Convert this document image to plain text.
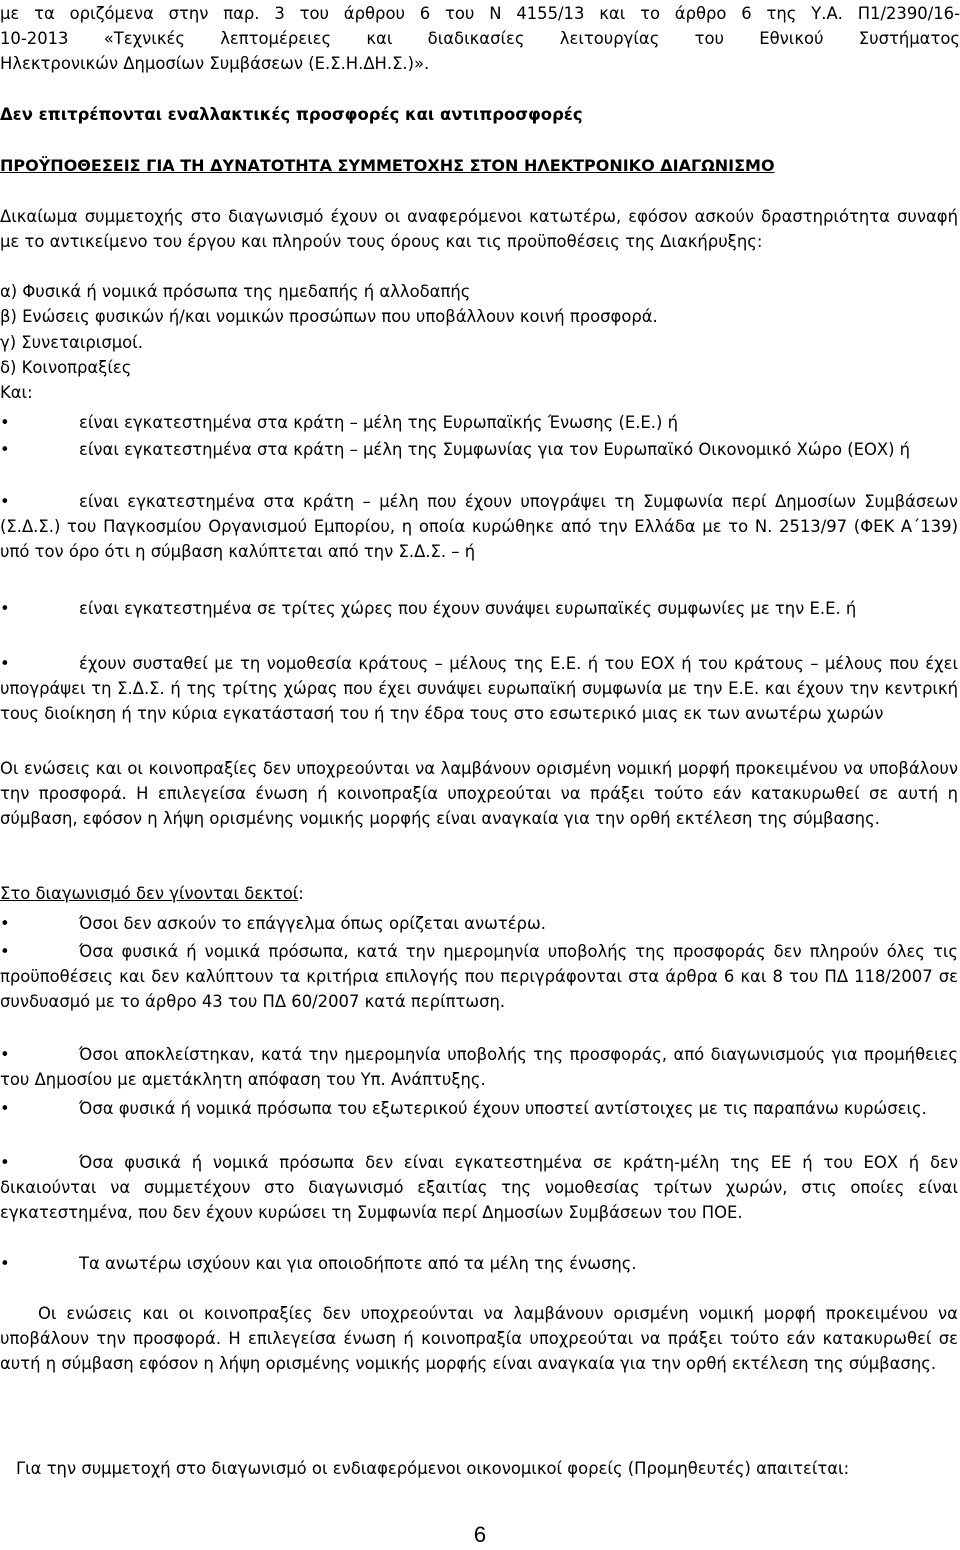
με τα οριζόμενα στην παρ. 3 του άρθρου 6 του Ν 4155/13 και το άρθρο 6 της Υ.Α. Π1/2390/16-
10-2013 «Τεχνικές λεπτομέρειες και διαδικασίες λειτουργίας του Εθνικού Συστήματος
Ηλεκτρονικών Δημοσίων Συμβάσεων (Ε.Σ.Η.ΔΗ.Σ.)».
Δεν επιτρέπονται εναλλακτικές προσφορές και αντιπροσφορές
ΠΡΟΫΠΟΘΕΣΕΙΣ ΓΙΑ ΤΗ ΔΥΝΑΤΟΤΗΤΑ ΣΥΜΜΕΤΟΧΗΣ ΣΤΟΝ ΗΛΕΚΤΡΟΝΙΚΟ ΔΙΑΓΩΝΙΣΜΟ
Δικαίωμα συμμετοχής στο διαγωνισμό έχουν οι αναφερόμενοι κατωτέρω, εφόσον ασκούν δραστηριότητα συναφή με το αντικείμενο του έργου και πληρούν τους όρους και τις προϋποθέσεις της Διακήρυξης:
α) Φυσικά ή νομικά πρόσωπα της ημεδαπής ή αλλοδαπής
β) Ενώσεις φυσικών ή/και νομικών προσώπων που υποβάλλουν κοινή προσφορά.
γ) Συνεταιρισμοί.
δ) Κοινοπραξίες
Και:
•	είναι εγκατεστημένα στα κράτη – μέλη της Ευρωπαϊκής Ένωσης (Ε.Ε.) ή
•	είναι εγκατεστημένα στα κράτη – μέλη της Συμφωνίας για τον Ευρωπαϊκό Οικονομικό Χώρο (ΕΟΧ) ή
•	είναι εγκατεστημένα στα κράτη – μέλη που έχουν υπογράψει τη Συμφωνία περί Δημοσίων Συμβάσεων (Σ.Δ.Σ.) του Παγκοσμίου Οργανισμού Εμπορίου, η οποία κυρώθηκε από την Ελλάδα με το Ν. 2513/97 (ΦΕΚ Α΄139) υπό τον όρο ότι η σύμβαση καλύπτεται από την Σ.Δ.Σ. – ή
•	είναι εγκατεστημένα σε τρίτες χώρες που έχουν συνάψει ευρωπαϊκές συμφωνίες με την Ε.Ε. ή
•	έχουν συσταθεί με τη νομοθεσία κράτους – μέλους της Ε.Ε. ή του ΕΟΧ ή του κράτους – μέλους που έχει υπογράψει τη Σ.Δ.Σ. ή της τρίτης χώρας που έχει συνάψει ευρωπαϊκή συμφωνία με την Ε.Ε. και έχουν την κεντρική τους διοίκηση ή την κύρια εγκατάστασή του ή την έδρα τους στο εσωτερικό μιας εκ των ανωτέρω χωρών
Οι ενώσεις και οι κοινοπραξίες δεν υποχρεούνται να λαμβάνουν ορισμένη νομική μορφή προκειμένου να υποβάλουν την προσφορά. Η επιλεγείσα ένωση ή κοινοπραξία υποχρεούται να πράξει τούτο εάν κατακυρωθεί σε αυτή η σύμβαση, εφόσον η λήψη ορισμένης νομικής μορφής είναι αναγκαία για την ορθή εκτέλεση της σύμβασης.
Στο διαγωνισμό δεν γίνονται δεκτοί:
•	Όσοι δεν ασκούν το επάγγελμα όπως ορίζεται ανωτέρω.
•	Όσα φυσικά ή νομικά πρόσωπα, κατά την ημερομηνία υποβολής της προσφοράς δεν πληρούν όλες τις προϋποθέσεις και δεν καλύπτουν τα κριτήρια επιλογής που περιγράφονται στα άρθρα 6 και 8 του ΠΔ 118/2007 σε συνδυασμό με το άρθρο 43 του ΠΔ 60/2007 κατά περίπτωση.
•	Όσοι αποκλείστηκαν, κατά την ημερομηνία υποβολής της προσφοράς, από διαγωνισμούς για προμήθειες του Δημοσίου με αμετάκλητη απόφαση του Υπ. Ανάπτυξης.
•	Όσα φυσικά ή νομικά πρόσωπα του εξωτερικού έχουν υποστεί αντίστοιχες με τις παραπάνω κυρώσεις.
•	Όσα φυσικά ή νομικά πρόσωπα δεν είναι εγκατεστημένα σε κράτη-μέλη της ΕΕ ή του ΕΟΧ ή δεν δικαιούνται να συμμετέχουν στο διαγωνισμό εξαιτίας της νομοθεσίας τρίτων χωρών, στις οποίες είναι εγκατεστημένα, που δεν έχουν κυρώσει τη Συμφωνία περί Δημοσίων Συμβάσεων του ΠΟΕ.
•	Τα ανωτέρω ισχύουν και για οποιοδήποτε από τα μέλη της ένωσης.
Οι ενώσεις και οι κοινοπραξίες δεν υποχρεούνται να λαμβάνουν ορισμένη νομική μορφή προκειμένου να υποβάλουν την προσφορά. Η επιλεγείσα ένωση ή κοινοπραξία υποχρεούται να πράξει τούτο εάν κατακυρωθεί σε αυτή η σύμβαση εφόσον η λήψη ορισμένης νομικής μορφής είναι αναγκαία για την ορθή εκτέλεση της σύμβασης.
Για την συμμετοχή στο διαγωνισμό οι ενδιαφερόμενοι οικονομικοί φορείς (Προμηθευτές) απαιτείται:
6
